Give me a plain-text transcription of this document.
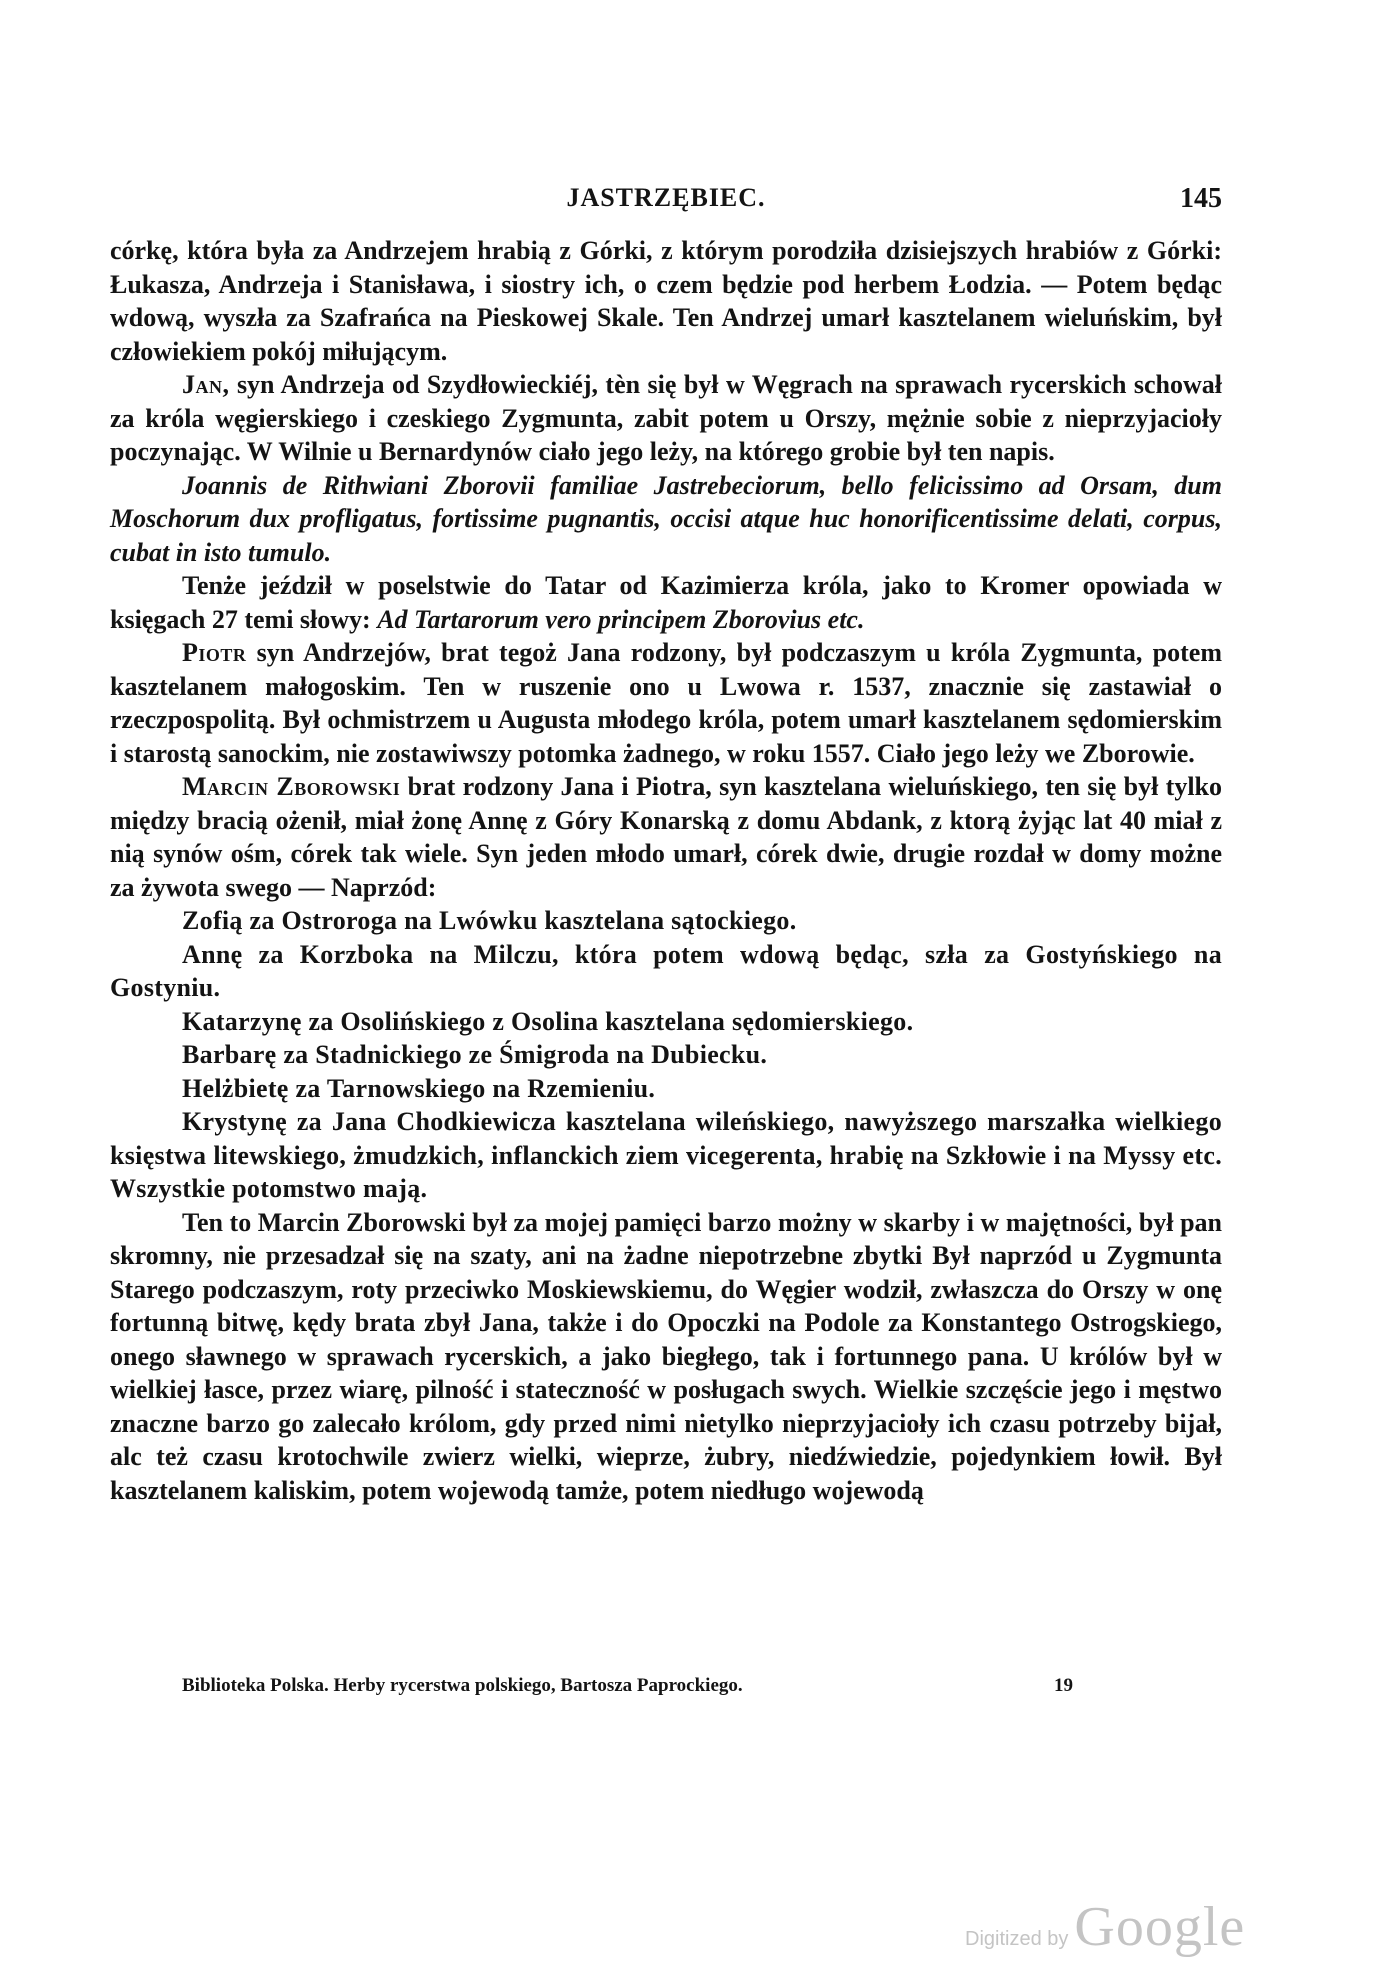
JASTRZĘBIEC.	145

córkę, która była za Andrzejem hrabią z Górki, z którym porodziła dzisiejszych hrabiów z Górki: Łukasza, Andrzeja i Stanisława, i siostry ich, o czem będzie pod herbem Łodzia. — Potem będąc wdową, wyszła za Szafrańca na Pieskowej Skale. Ten Andrzej umarł kasztelanem wieluńskim, był człowiekiem pokój miłującym.

Jan, syn Andrzeja od Szydłowieckiéj, tèn się był w Węgrach na sprawach rycerskich schował za króla węgierskiego i czeskiego Zygmunta, zabit potem u Orszy, mężnie sobie z nieprzyjacioły poczynając. W Wilnie u Bernardynów ciało jego leży, na którego grobie był ten napis.

Joannis de Rithwiani Zborovii familiae Jastrebeciorum, bello felicissimo ad Orsam, dum Moschorum dux profligatus, fortissime pugnantis, occisi atque huc honorificentissime delati, corpus, cubat in isto tumulo.

Tenże jeździł w poselstwie do Tatar od Kazimierza króla, jako to Kromer opowiada w księgach 27 temi słowy: Ad Tartarorum vero principem Zborovius etc.

Piotr syn Andrzejów, brat tegoż Jana rodzony, był podczaszym u króla Zygmunta, potem kasztelanem małogoskim. Ten w ruszenie ono u Lwowa r. 1537, znacznie się zastawiał o rzeczpospolitą. Był ochmistrzem u Augusta młodego króla, potem umarł kasztelanem sędomierskim i starostą sanockim, nie zostawiwszy potomka żadnego, w roku 1557. Ciało jego leży we Zborowie.

Marcin Zborowski brat rodzony Jana i Piotra, syn kasztelana wieluńskiego, ten się był tylko między bracią ożenił, miał żonę Annę z Góry Konarską z domu Abdank, z ktorą żyjąc lat 40 miał z nią synów ośm, córek tak wiele. Syn jeden młodo umarł, córek dwie, drugie rozdał w domy możne za żywota swego — Naprzód:

Zofią za Ostroroga na Lwówku kasztelana sątockiego.

Annę za Korzboka na Milczu, która potem wdową będąc, szła za Gostyńskiego na Gostyniu.

Katarzynę za Osolińskiego z Osolina kasztelana sędomierskiego.

Barbarę za Stadnickiego ze Śmigroda na Dubiecku.

Helżbietę za Tarnowskiego na Rzemieniu.

Krystynę za Jana Chodkiewicza kasztelana wileńskiego, nawyższego marszałka wielkiego księstwa litewskiego, żmudzkich, inflanckich ziem vicegerenta, hrabię na Szkłowie i na Myssy etc. Wszystkie potomstwo mają.

Ten to Marcin Zborowski był za mojej pamięci barzo możny w skarby i w majętności, był pan skromny, nie przesadzał się na szaty, ani na żadne niepotrzebne zbytki Był naprzód u Zygmunta Starego podczaszym, roty przeciwko Moskiewskiemu, do Węgier wodził, zwłaszcza do Orszy w onę fortunną bitwę, kędy brata zbył Jana, także i do Opoczki na Podole za Konstantego Ostrogskiego, onego sławnego w sprawach rycerskich, a jako biegłego, tak i fortunnego pana. U królów był w wielkiej łasce, przez wiarę, pilność i stateczność w posługach swych. Wielkie szczęście jego i męstwo znaczne barzo go zalecało królom, gdy przed nimi nietylko nieprzyjacioły ich czasu potrzeby bijał, alc też czasu krotochwile zwierz wielki, wieprze, żubry, niedźwiedzie, pojedynkiem łowił. Był kasztelanem kaliskim, potem wojewodą tamże, potem niedługo wojewodą

Biblioteka Polska. Herby rycerstwa polskiego, Bartosza Paprockiego.	19
Digitized by Google
